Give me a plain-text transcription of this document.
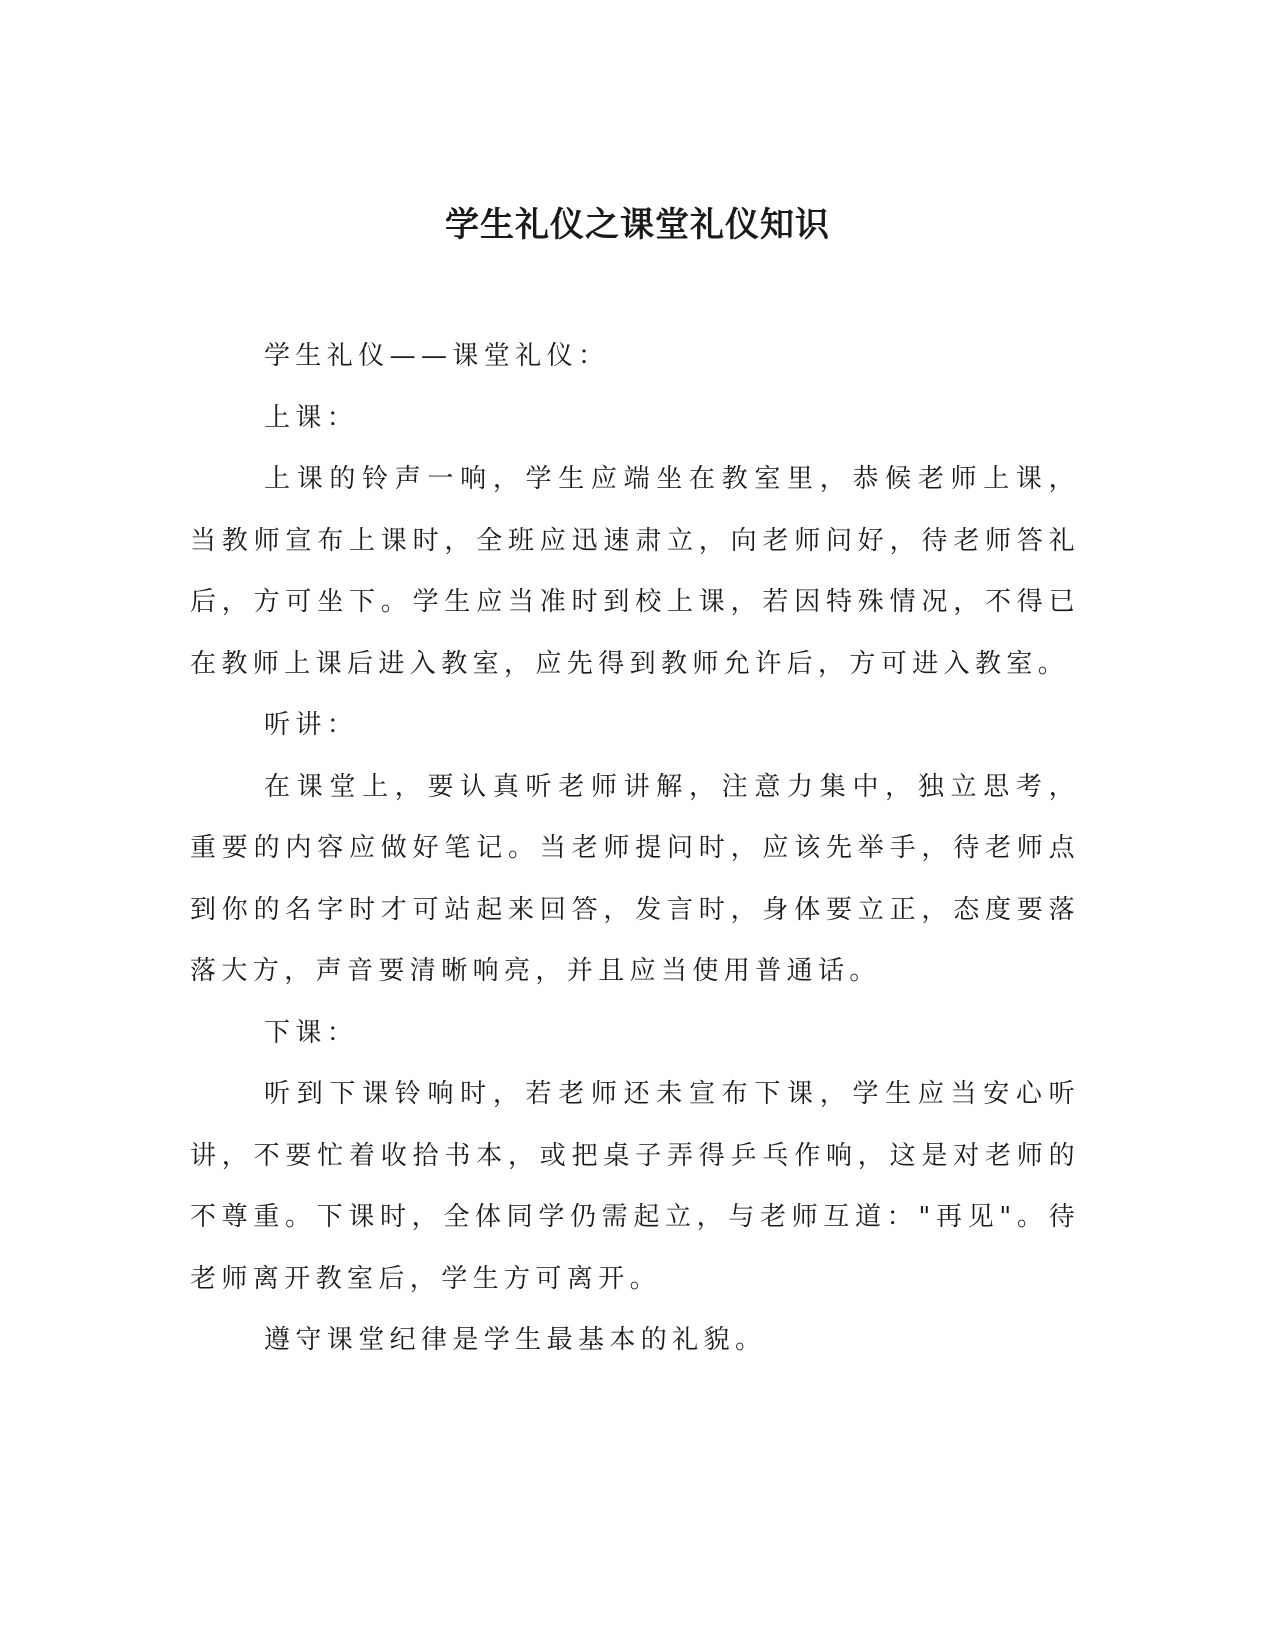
学生礼仪之课堂礼仪知识

学生礼仪——课堂礼仪：

上课：

上课的铃声一响，学生应端坐在教室里，恭候老师上课，当教师宣布上课时，全班应迅速肃立，向老师问好，待老师答礼后，方可坐下。学生应当准时到校上课，若因特殊情况，不得已在教师上课后进入教室，应先得到教师允许后，方可进入教室。

听讲：

在课堂上，要认真听老师讲解，注意力集中，独立思考，重要的内容应做好笔记。当老师提问时，应该先举手，待老师点到你的名字时才可站起来回答，发言时，身体要立正，态度要落落大方，声音要清晰响亮，并且应当使用普通话。

下课：

听到下课铃响时，若老师还未宣布下课，学生应当安心听讲，不要忙着收拾书本，或把桌子弄得乒乓作响，这是对老师的不尊重。下课时，全体同学仍需起立，与老师互道："再见"。待老师离开教室后，学生方可离开。

遵守课堂纪律是学生最基本的礼貌。
